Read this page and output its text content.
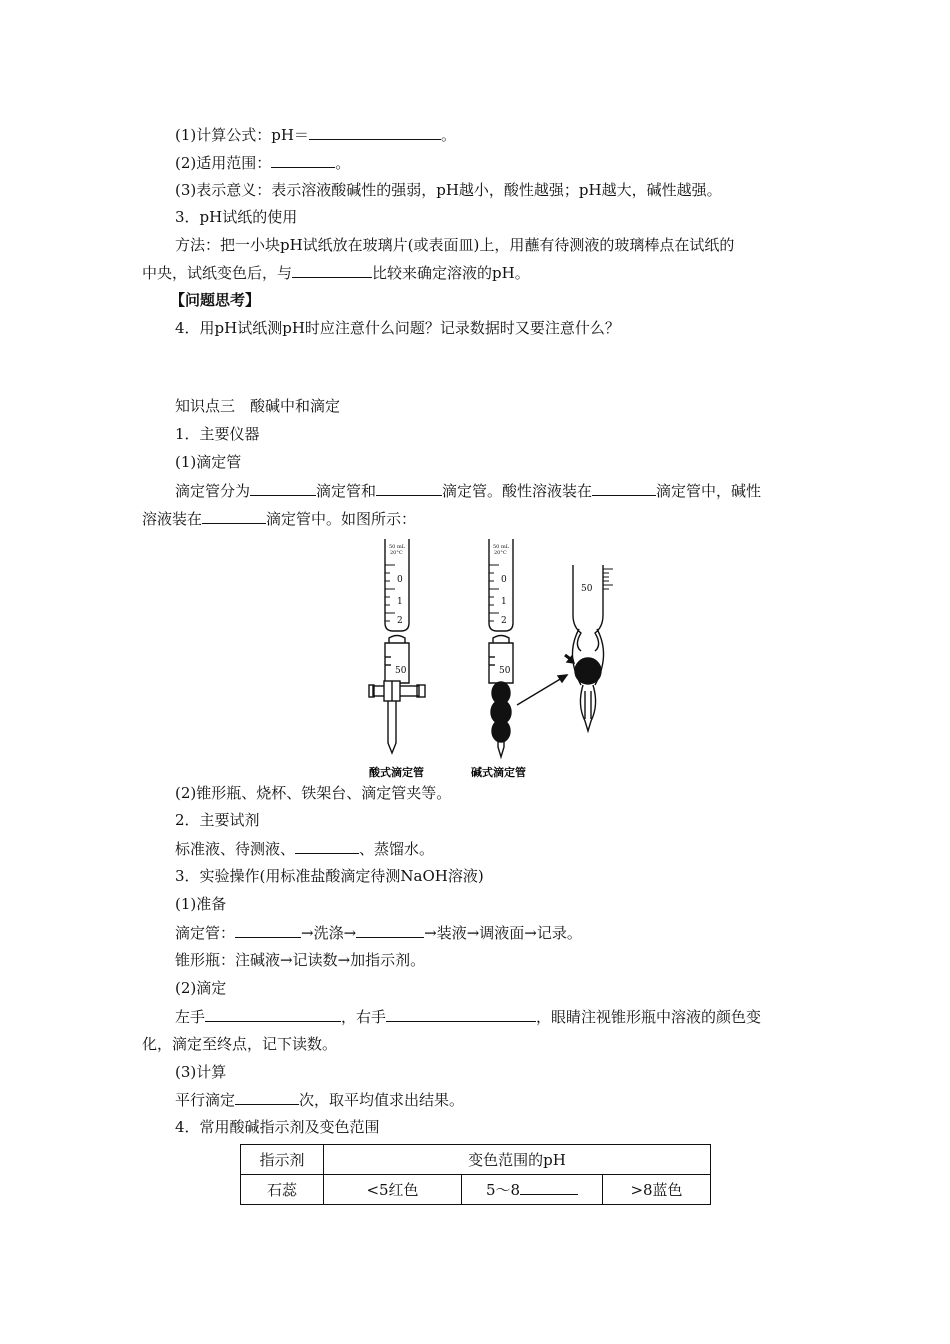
(1)计算公式：pH＝	。
(2)适用范围：	。
(3)表示意义：表示溶液酸碱性的强弱，pH越小，酸性越强；pH越大，碱性越强。
3．pH试纸的使用
方法：把一小块pH试纸放在玻璃片(或表面皿)上，用蘸有待测液的玻璃棒点在试纸的
中央，试纸变色后，与	比较来确定溶液的pH。
【问题思考】
4．用pH试纸测pH时应注意什么问题？记录数据时又要注意什么？
知识点三　酸碱中和滴定
1．主要仪器
(1)滴定管
滴定管分为	滴定管和	滴定管。酸性溶液装在	滴定管中，碱性
溶液装在	滴定管中。如图所示：
50 mL
20°C
0
1
2
50
酸式滴定管
50 mL
20°C
0
1
2
50
碱式滴定管
50
(2)锥形瓶、烧杯、铁架台、滴定管夹等。
2．主要试剂
标准液、待测液、	、蒸馏水。
3．实验操作(用标准盐酸滴定待测NaOH溶液)
(1)准备
滴定管：	→洗涤→	→装液→调液面→记录。
锥形瓶：注碱液→记读数→加指示剂。
(2)滴定
左手	，右手	，眼睛注视锥形瓶中溶液的颜色变
化，滴定至终点，记下读数。
(3)计算
平行滴定	次，取平均值求出结果。
4．常用酸碱指示剂及变色范围
指示剂	变色范围的pH		
石蕊	<5红色	5～8	>8蓝色
